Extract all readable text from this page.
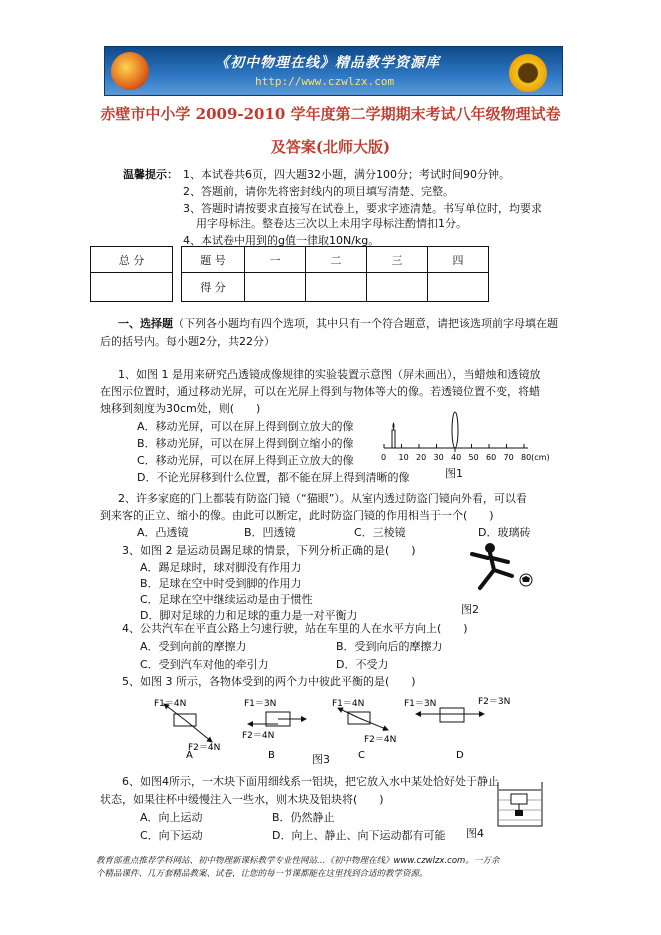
《初中物理在线》精品教学资源库
http://www.czwlzx.com
赤壁市中小学 2009-2010 学年度第二学期期末考试八年级物理试卷
及答案(北师大版)
温馨提示： 1、本试卷共6页，四大题32小题，满分100分；考试时间90分钟。
2、答题前，请你先将密封线内的项目填写清楚、完整。
3、答题时请按要求直接写在试卷上，要求字迹清楚。书写单位时，均要求
用字母标注。整卷达三次以上未用字母标注酌情扣1分。
4、本试卷中用到的g值一律取10N/kg。
总 分	题 号	一	二	三	四
得 分				
一、选择题（下列各小题均有四个选项，其中只有一个符合题意，请把该选项前字母填在题
后的括号内。每小题2分，共22分）
1、如图 1 是用来研究凸透镜成像规律的实验装置示意图（屏未画出），当蜡烛和透镜放
在图示位置时，通过移动光屏，可以在光屏上得到与物体等大的像。若透镜位置不变，将蜡
烛移到刻度为30cm处，则(　　)
A．移动光屏，可以在屏上得到倒立放大的像
B．移动光屏，可以在屏上得到倒立缩小的像
C．移动光屏，可以在屏上得到正立放大的像
D．不论光屏移到什么位置，都不能在屏上得到清晰的像
0 10 20 30 40 50 60 70 80(cm)
图1
2、许多家庭的门上都装有防盗门镜（“猫眼”）。从室内透过防盗门镜向外看，可以看
到来客的正立、缩小的像。由此可以断定，此时防盗门镜的作用相当于一个(　　)
A．凸透镜	B．凹透镜	C．三棱镜	D．玻璃砖
3、如图 2 是运动员踢足球的情景，下列分析正确的是(　　)
A．踢足球时，球对脚没有作用力
B．足球在空中时受到脚的作用力
C．足球在空中继续运动是由于惯性
D．脚对足球的力和足球的重力是一对平衡力	图2
4、公共汽车在平直公路上匀速行驶，站在车里的人在水平方向上(　　)
A．受到向前的摩擦力	B．受到向后的摩擦力
C．受到汽车对他的牵引力	D．不受力
5、如图 3 所示，各物体受到的两个力中彼此平衡的是(　　)
F1＝4N
F2＝4N
F1＝3N
F2＝4N
F1＝4N
F2＝4N
F1＝3N	F2＝3N
A	B	C	D
图3
6、如图4所示，一木块下面用细线系一铝块，把它放入水中某处恰好处于静止
状态，如果往杯中缓慢注入一些水，则木块及铝块将(　　)
A．向上运动	B．仍然静止
C．向下运动	D．向上、静止、向下运动都有可能 图4
教育部重点推荐学科网站、初中物理新课标教学专业性网站…《初中物理在线》www.czwlzx.com。一万余
个精品课件、几万套精品教案、试卷，让您的每一节课都能在这里找到合适的教学资源。
